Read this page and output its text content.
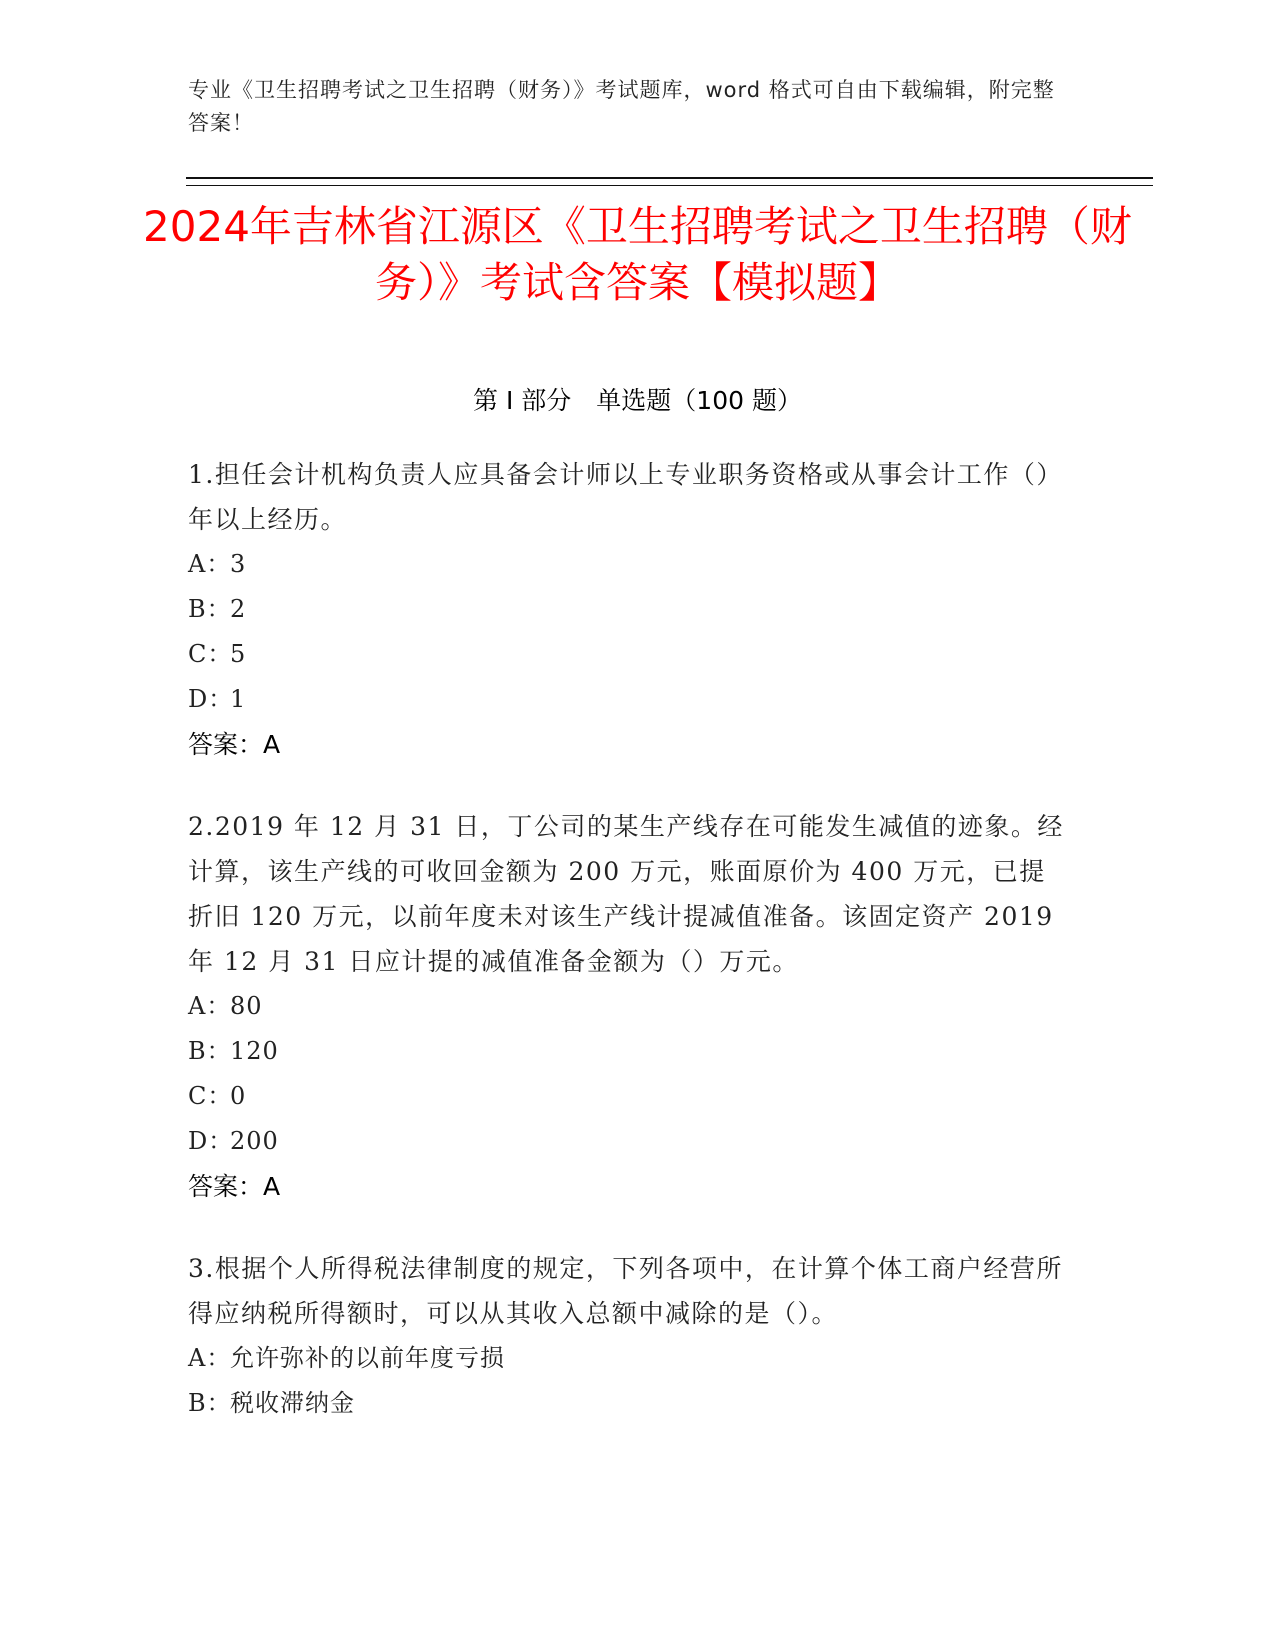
专业《卫生招聘考试之卫生招聘（财务）》考试题库，word 格式可自由下载编辑，附完整答案！
2024年吉林省江源区《卫生招聘考试之卫生招聘（财务）》考试含答案【模拟题】
第 I 部分　单选题（100 题）
1.担任会计机构负责人应具备会计师以上专业职务资格或从事会计工作（）年以上经历。
A：3
B：2
C：5
D：1
答案：A
2.2019 年 12 月 31 日，丁公司的某生产线存在可能发生减值的迹象。经计算，该生产线的可收回金额为 200 万元，账面原价为 400 万元，已提折旧 120 万元，以前年度未对该生产线计提减值准备。该固定资产 2019 年 12 月 31 日应计提的减值准备金额为（）万元。
A：80
B：120
C：0
D：200
答案：A
3.根据个人所得税法律制度的规定，下列各项中，在计算个体工商户经营所得应纳税所得额时，可以从其收入总额中减除的是（）。
A：允许弥补的以前年度亏损
B：税收滞纳金
